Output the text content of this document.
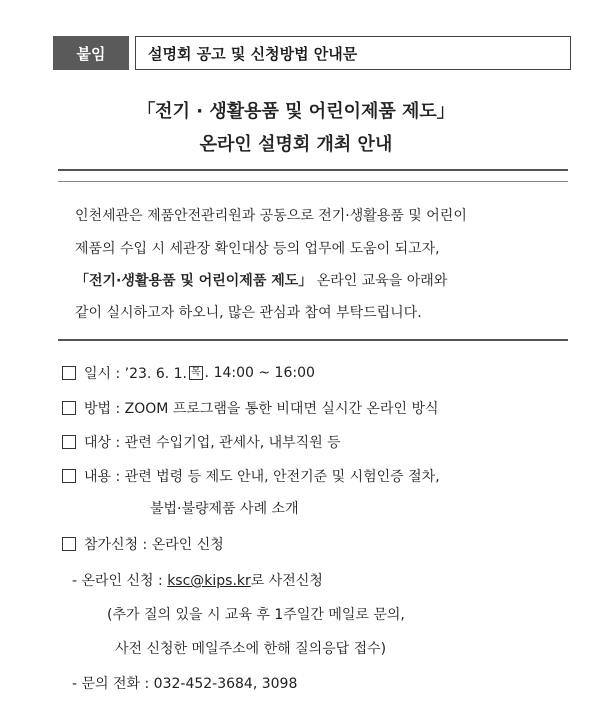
붙임	설명회 공고 및 신청방법 안내문
「전기 · 생활용품 및 어린이제품 제도」
온라인 설명회 개최 안내
인천세관은 제품안전관리원과 공동으로 전기·생활용품 및 어린이
제품의 수입 시 세관장 확인대상 등의 업무에 도움이 되고자,
「전기·생활용품 및 어린이제품 제도」 온라인 교육을 아래와
같이 실시하고자 하오니, 많은 관심과 참여 부탁드립니다.
일시 : ’23. 6. 1. 목 . 14:00 ~ 16:00
방법 : ZOOM 프로그램을 통한 비대면 실시간 온라인 방식
대상 : 관련 수입기업, 관세사, 내부직원 등
내용 : 관련 법령 등 제도 안내, 안전기준 및 시험인증 절차,
불법·불량제품 사례 소개
참가신청 : 온라인 신청
- 온라인 신청 : ksc@kips.kr로 사전신청
(추가 질의 있을 시 교육 후 1주일간 메일로 문의,
사전 신청한 메일주소에 한해 질의응답 접수)
- 문의 전화 : 032-452-3684, 3098
